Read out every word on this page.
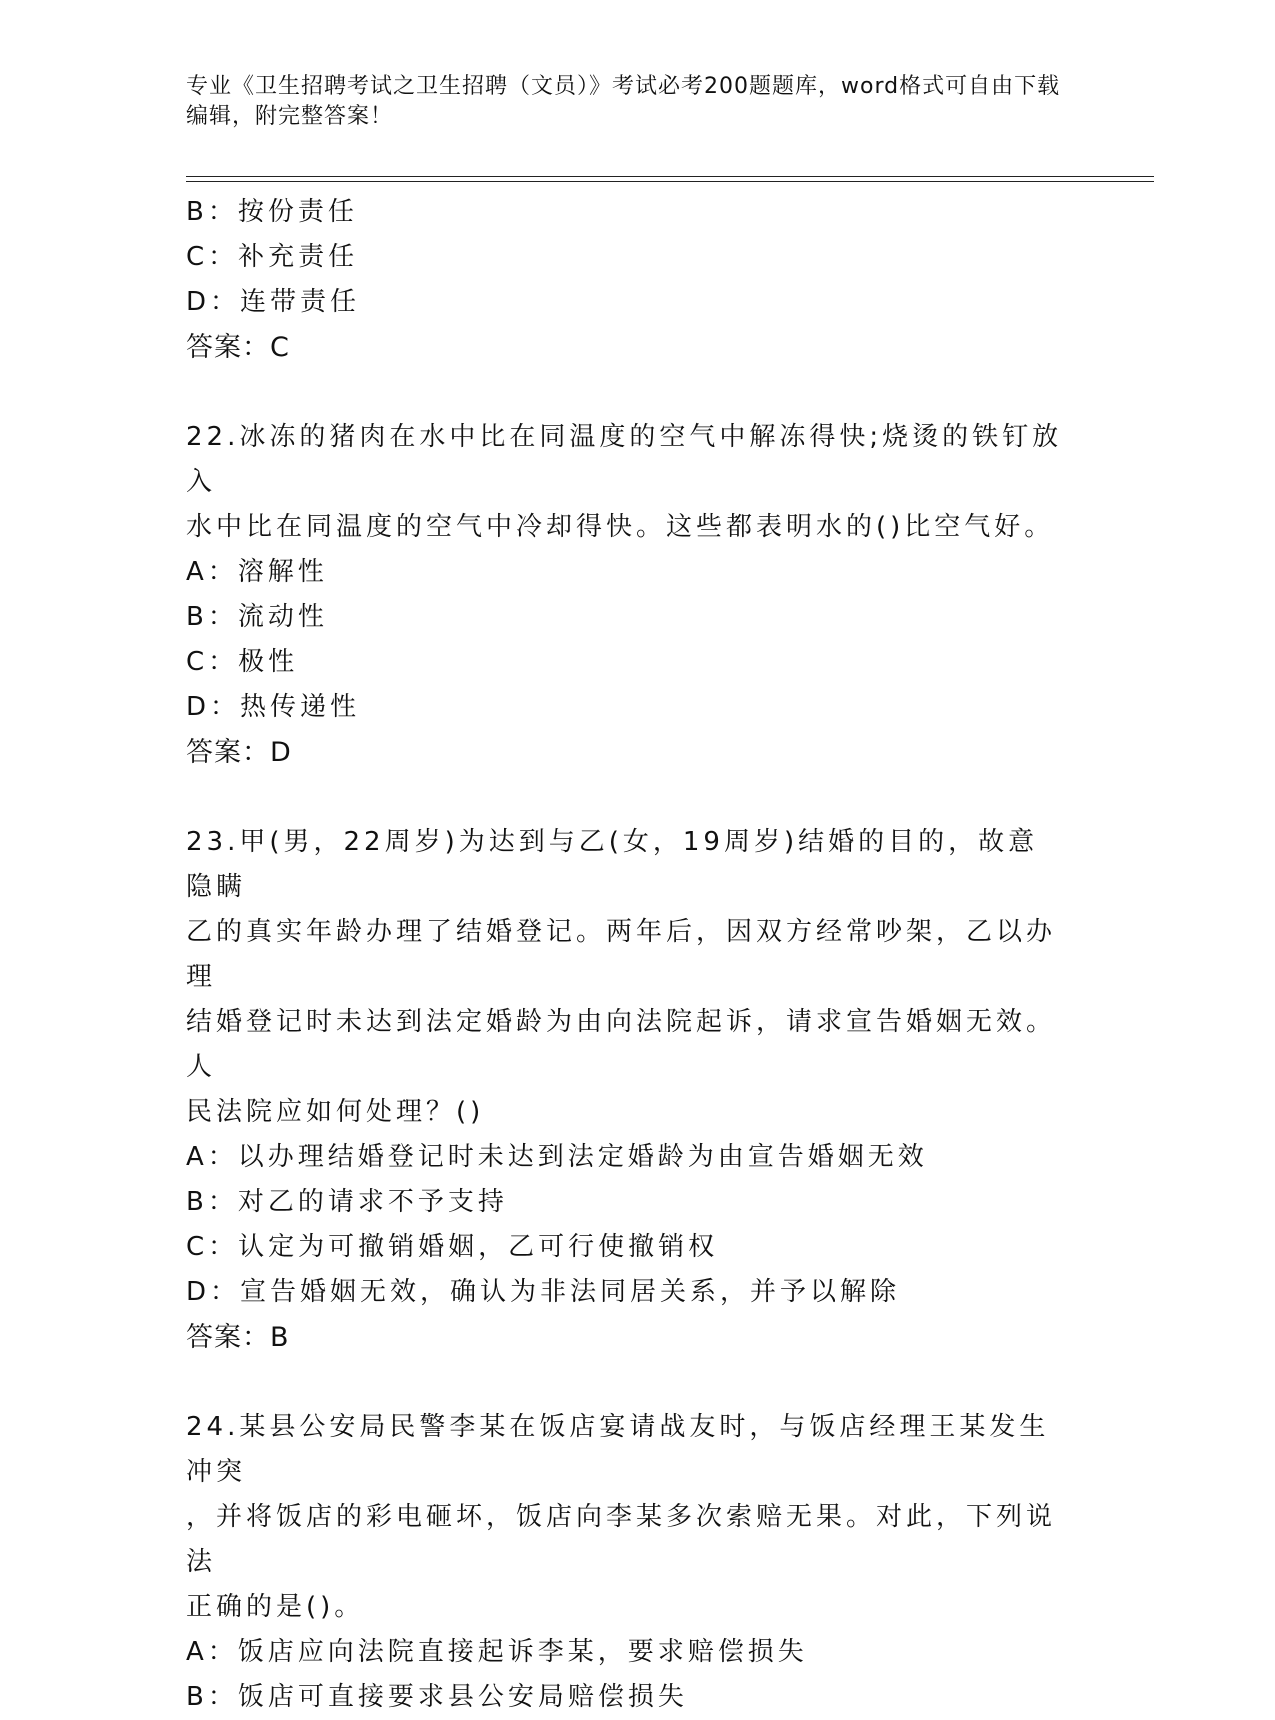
专业《卫生招聘考试之卫生招聘（文员）》考试必考200题题库，word格式可自由下载编辑，附完整答案！
B：按份责任
C：补充责任
D：连带责任
答案：C
22.冰冻的猪肉在水中比在同温度的空气中解冻得快;烧烫的铁钉放入
水中比在同温度的空气中冷却得快。这些都表明水的()比空气好。
A：溶解性
B：流动性
C：极性
D：热传递性
答案：D
23.甲(男，22周岁)为达到与乙(女，19周岁)结婚的目的，故意隐瞒
乙的真实年龄办理了结婚登记。两年后，因双方经常吵架，乙以办理
结婚登记时未达到法定婚龄为由向法院起诉，请求宣告婚姻无效。人
民法院应如何处理？()
A：以办理结婚登记时未达到法定婚龄为由宣告婚姻无效
B：对乙的请求不予支持
C：认定为可撤销婚姻，乙可行使撤销权
D：宣告婚姻无效，确认为非法同居关系，并予以解除
答案：B
24.某县公安局民警李某在饭店宴请战友时，与饭店经理王某发生冲突
，并将饭店的彩电砸坏，饭店向李某多次索赔无果。对此，下列说法
正确的是()。
A：饭店应向法院直接起诉李某，要求赔偿损失
B：饭店可直接要求县公安局赔偿损失
